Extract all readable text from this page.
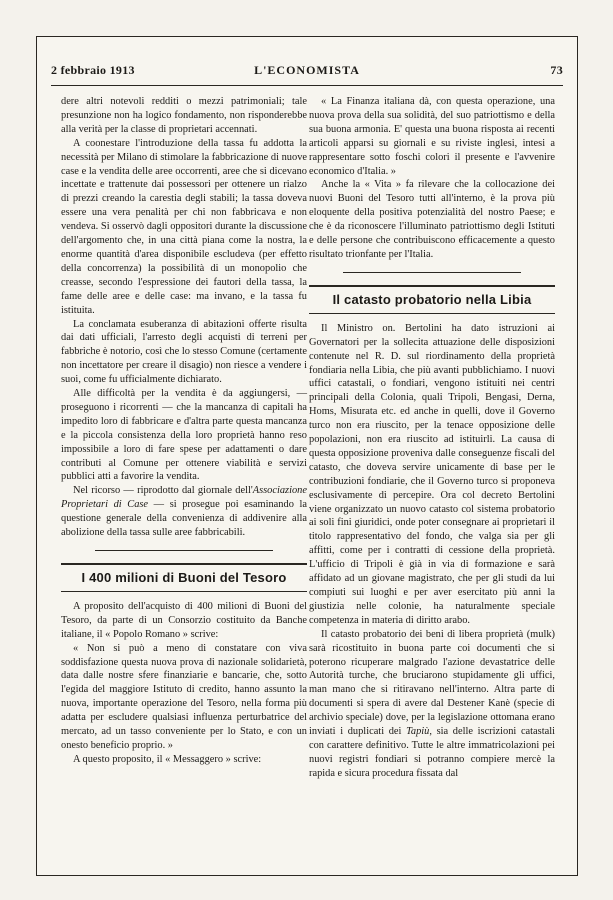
2 febbraio 1913	L'ECONOMISTA	73

dere altri notevoli redditi o mezzi patrimoniali; tale presunzione non ha logico fondamento, non risponderebbe alla verità per la classe di proprietari accennati.

A coonestare l'introduzione della tassa fu addotta la necessità per Milano di stimolare la fabbricazione di nuove case e la vendita delle aree occorrenti, aree che si dicevano incettate e trattenute dai possessori per ottenere un rialzo di prezzi creando la carestia degli stabili; la tassa doveva essere una vera penalità per chi non fabbricava e non vendeva. Si osservò dagli oppositori durante la discussione dell'argomento che, in una città piana come la nostra, la enorme quantità d'area disponibile escludeva (per effetto della concorrenza) la possibilità di un monopolio che creasse, secondo l'espressione dei fautori della tassa, la fame delle aree e delle case: ma invano, e la tassa fu istituita.

La conclamata esuberanza di abitazioni offerte risulta dai dati ufficiali, l'arresto degli acquisti di terreni per fabbriche è notorio, così che lo stesso Comune (certamente non incettatore per creare il disagio) non riesce a vendere i suoi, come fu ufficialmente dichiarato.

Alle difficoltà per la vendita è da aggiungersi, — proseguono i ricorrenti — che la mancanza di capitali ha impedito loro di fabbricare e d'altra parte questa mancanza e la piccola consistenza della loro proprietà hanno reso impossibile a loro di fare spese per adattamenti o dare contributi al Comune per ottenere viabilità e servizi pubblici atti a favorire la vendita.

Nel ricorso — riprodotto dal giornale dell'Associazione Proprietari di Case — si prosegue poi esaminando la questione generale della convenienza di addivenire alla abolizione della tassa sulle aree fabbricabili.

I 400 milioni di Buoni del Tesoro

A proposito dell'acquisto di 400 milioni di Buoni del Tesoro, da parte di un Consorzio costituito da Banche italiane, il « Popolo Romano » scrive:

« Non si può a meno di constatare con viva soddisfazione questa nuova prova di nazionale solidarietà, data dalle nostre sfere finanziarie e bancarie, che, sotto l'egida del maggiore Istituto di credito, hanno assunto la nuova, importante operazione del Tesoro, nella forma più adatta per escludere qualsiasi influenza perturbatrice del mercato, ad un tasso conveniente per lo Stato, e con un onesto beneficio proprio. »

A questo proposito, il « Messaggero » scrive:

« La Finanza italiana dà, con questa operazione, una nuova prova della sua solidità, del suo patriottismo e della sua buona armonia. E' questa una buona risposta ai recenti articoli apparsi su giornali e su riviste inglesi, intesi a rappresentare sotto foschi colori il presente e l'avvenire economico d'Italia. »

Anche la « Vita » fa rilevare che la collocazione dei nuovi Buoni del Tesoro tutti all'interno, è la prova più eloquente della positiva potenzialità del nostro Paese; e che è da riconoscere l'illuminato patriottismo degli Istituti e delle persone che contribuiscono efficacemente a questo risultato trionfante per l'Italia.

Il catasto probatorio nella Libia

Il Ministro on. Bertolini ha dato istruzioni ai Governatori per la sollecita attuazione delle disposizioni contenute nel R. D. sul riordinamento della proprietà fondiaria nella Libia, che più avanti pubblichiamo. I nuovi uffici catastali, o fondiari, vengono istituiti nei centri principali della Colonia, quali Tripoli, Bengasi, Derna, Homs, Misurata etc. ed anche in quelli, dove il Governo turco non era riuscito, per la tenace opposizione delle popolazioni, non era riuscito ad istituirli. La causa di questa opposizione proveniva dalle conseguenze fiscali del catasto, che doveva servire unicamente di base per le contribuzioni fondiarie, che il Governo turco si proponeva esclusivamente di percepire. Ora col decreto Bertolini viene organizzato un nuovo catasto col sistema probatorio ai soli fini giuridici, onde poter consegnare ai proprietari il titolo rappresentativo del fondo, che valga sia per gli affitti, come per i contratti di cessione della proprietà. L'ufficio di Tripoli è già in via di formazione e sarà affidato ad un giovane magistrato, che per gli studi da lui compiuti sui luoghi e per aver esercitato più anni la giustizia nelle colonie, ha naturalmente speciale competenza in materia di diritto arabo.

Il catasto probatorio dei beni di libera proprietà (mulk) sarà ricostituito in buona parte coi documenti che si poterono ricuperare malgrado l'azione devastatrice delle Autorità turche, che bruciarono stupidamente gli uffici, man mano che si ritiravano nell'interno. Altra parte di documenti si spera di avere dal Destener Kanè (specie di archivio speciale) dove, per la legislazione ottomana erano inviati i duplicati dei Tapiù, sia delle iscrizioni catastali con carattere definitivo. Tutte le altre immatricolazioni pei nuovi registri fondiari si potranno compiere mercè la rapida e sicura procedura fissata dal
